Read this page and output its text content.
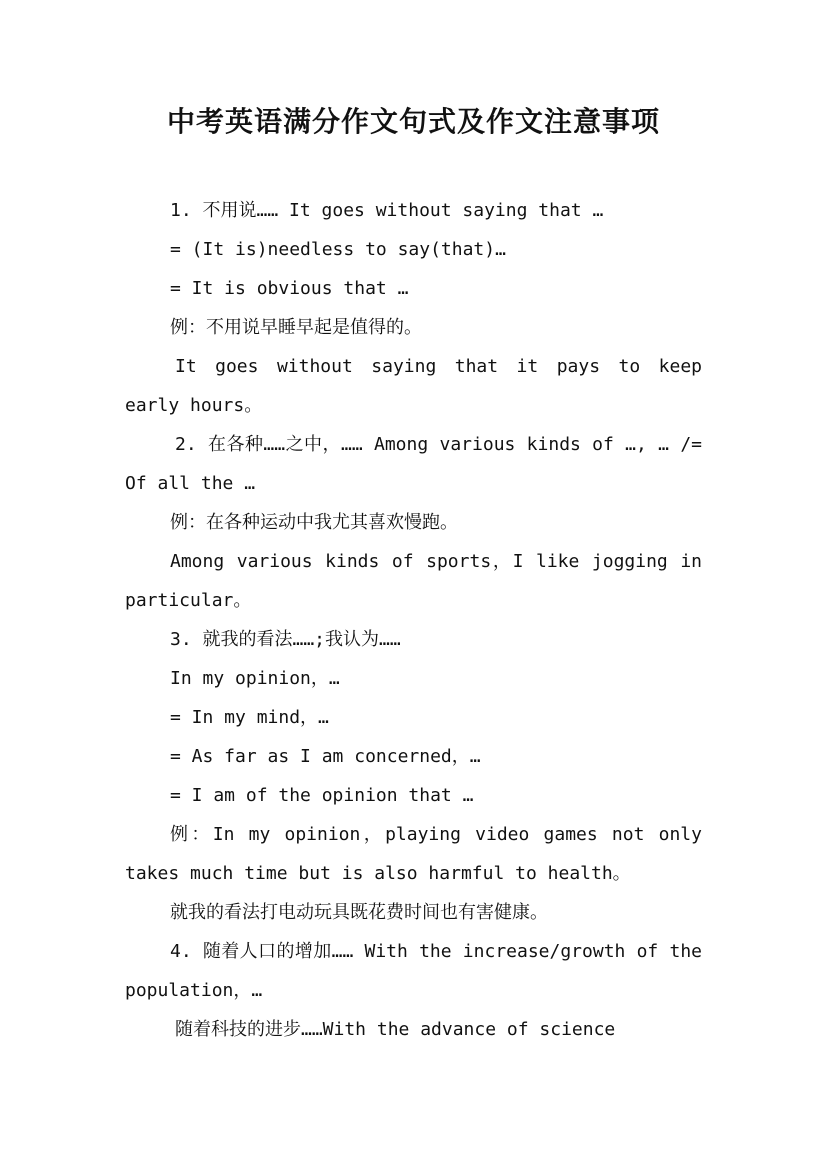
中考英语满分作文句式及作文注意事项

1. 不用说…… It goes without saying that …

= (It is)needless to say(that)…

= It is obvious that …

例：不用说早睡早起是值得的。

It goes without saying that it pays to keep early hours。

2. 在各种……之中，…… Among various kinds of …, … /= Of all the …

例：在各种运动中我尤其喜欢慢跑。

Among various kinds of sports，I like jogging in particular。

3. 就我的看法……;我认为……

In my opinion，…

= In my mind，…

= As far as I am concerned，…

= I am of the opinion that …

例：In my opinion，playing video games not only takes much time but is also harmful to health。

就我的看法打电动玩具既花费时间也有害健康。

4. 随着人口的增加…… With the increase/growth of the population，…

随着科技的进步……With the advance of science
